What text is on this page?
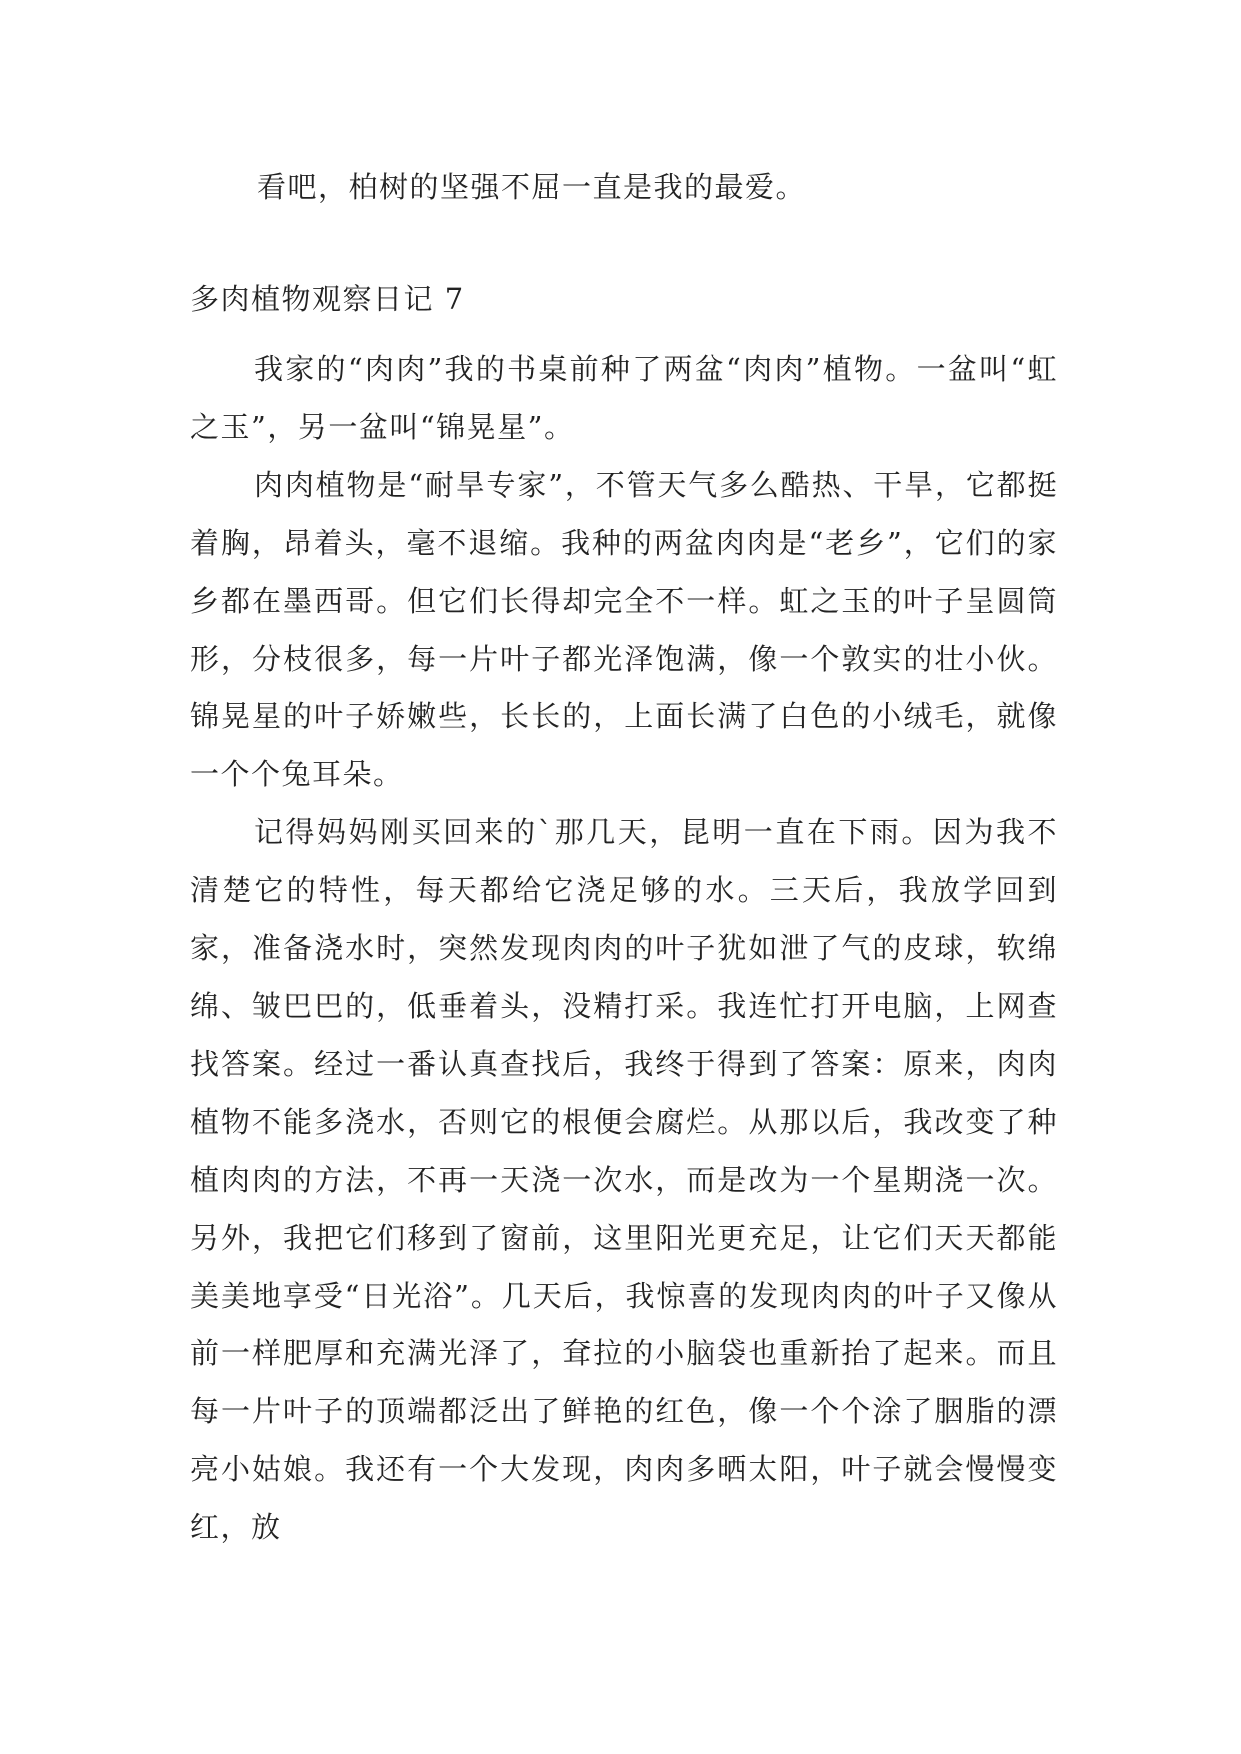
看吧，柏树的坚强不屈一直是我的最爱。
多肉植物观察日记 7

我家的“肉肉”我的书桌前种了两盆“肉肉”植物。一盆叫“虹之玉”，另一盆叫“锦晃星”。

肉肉植物是“耐旱专家”，不管天气多么酷热、干旱，它都挺着胸，昂着头，毫不退缩。我种的两盆肉肉是“老乡”，它们的家乡都在墨西哥。但它们长得却完全不一样。虹之玉的叶子呈圆筒形，分枝很多，每一片叶子都光泽饱满，像一个敦实的壮小伙。锦晃星的叶子娇嫩些，长长的，上面长满了白色的小绒毛，就像一个个兔耳朵。

记得妈妈刚买回来的`那几天，昆明一直在下雨。因为我不清楚它的特性，每天都给它浇足够的水。三天后，我放学回到家，准备浇水时，突然发现肉肉的叶子犹如泄了气的皮球，软绵绵、皱巴巴的，低垂着头，没精打采。我连忙打开电脑，上网查找答案。经过一番认真查找后，我终于得到了答案：原来，肉肉植物不能多浇水，否则它的根便会腐烂。从那以后，我改变了种植肉肉的方法，不再一天浇一次水，而是改为一个星期浇一次。另外，我把它们移到了窗前，这里阳光更充足，让它们天天都能美美地享受“日光浴”。几天后，我惊喜的发现肉肉的叶子又像从前一样肥厚和充满光泽了，耷拉的小脑袋也重新抬了起来。而且每一片叶子的顶端都泛出了鲜艳的红色，像一个个涂了胭脂的漂亮小姑娘。我还有一个大发现，肉肉多晒太阳，叶子就会慢慢变红，放
